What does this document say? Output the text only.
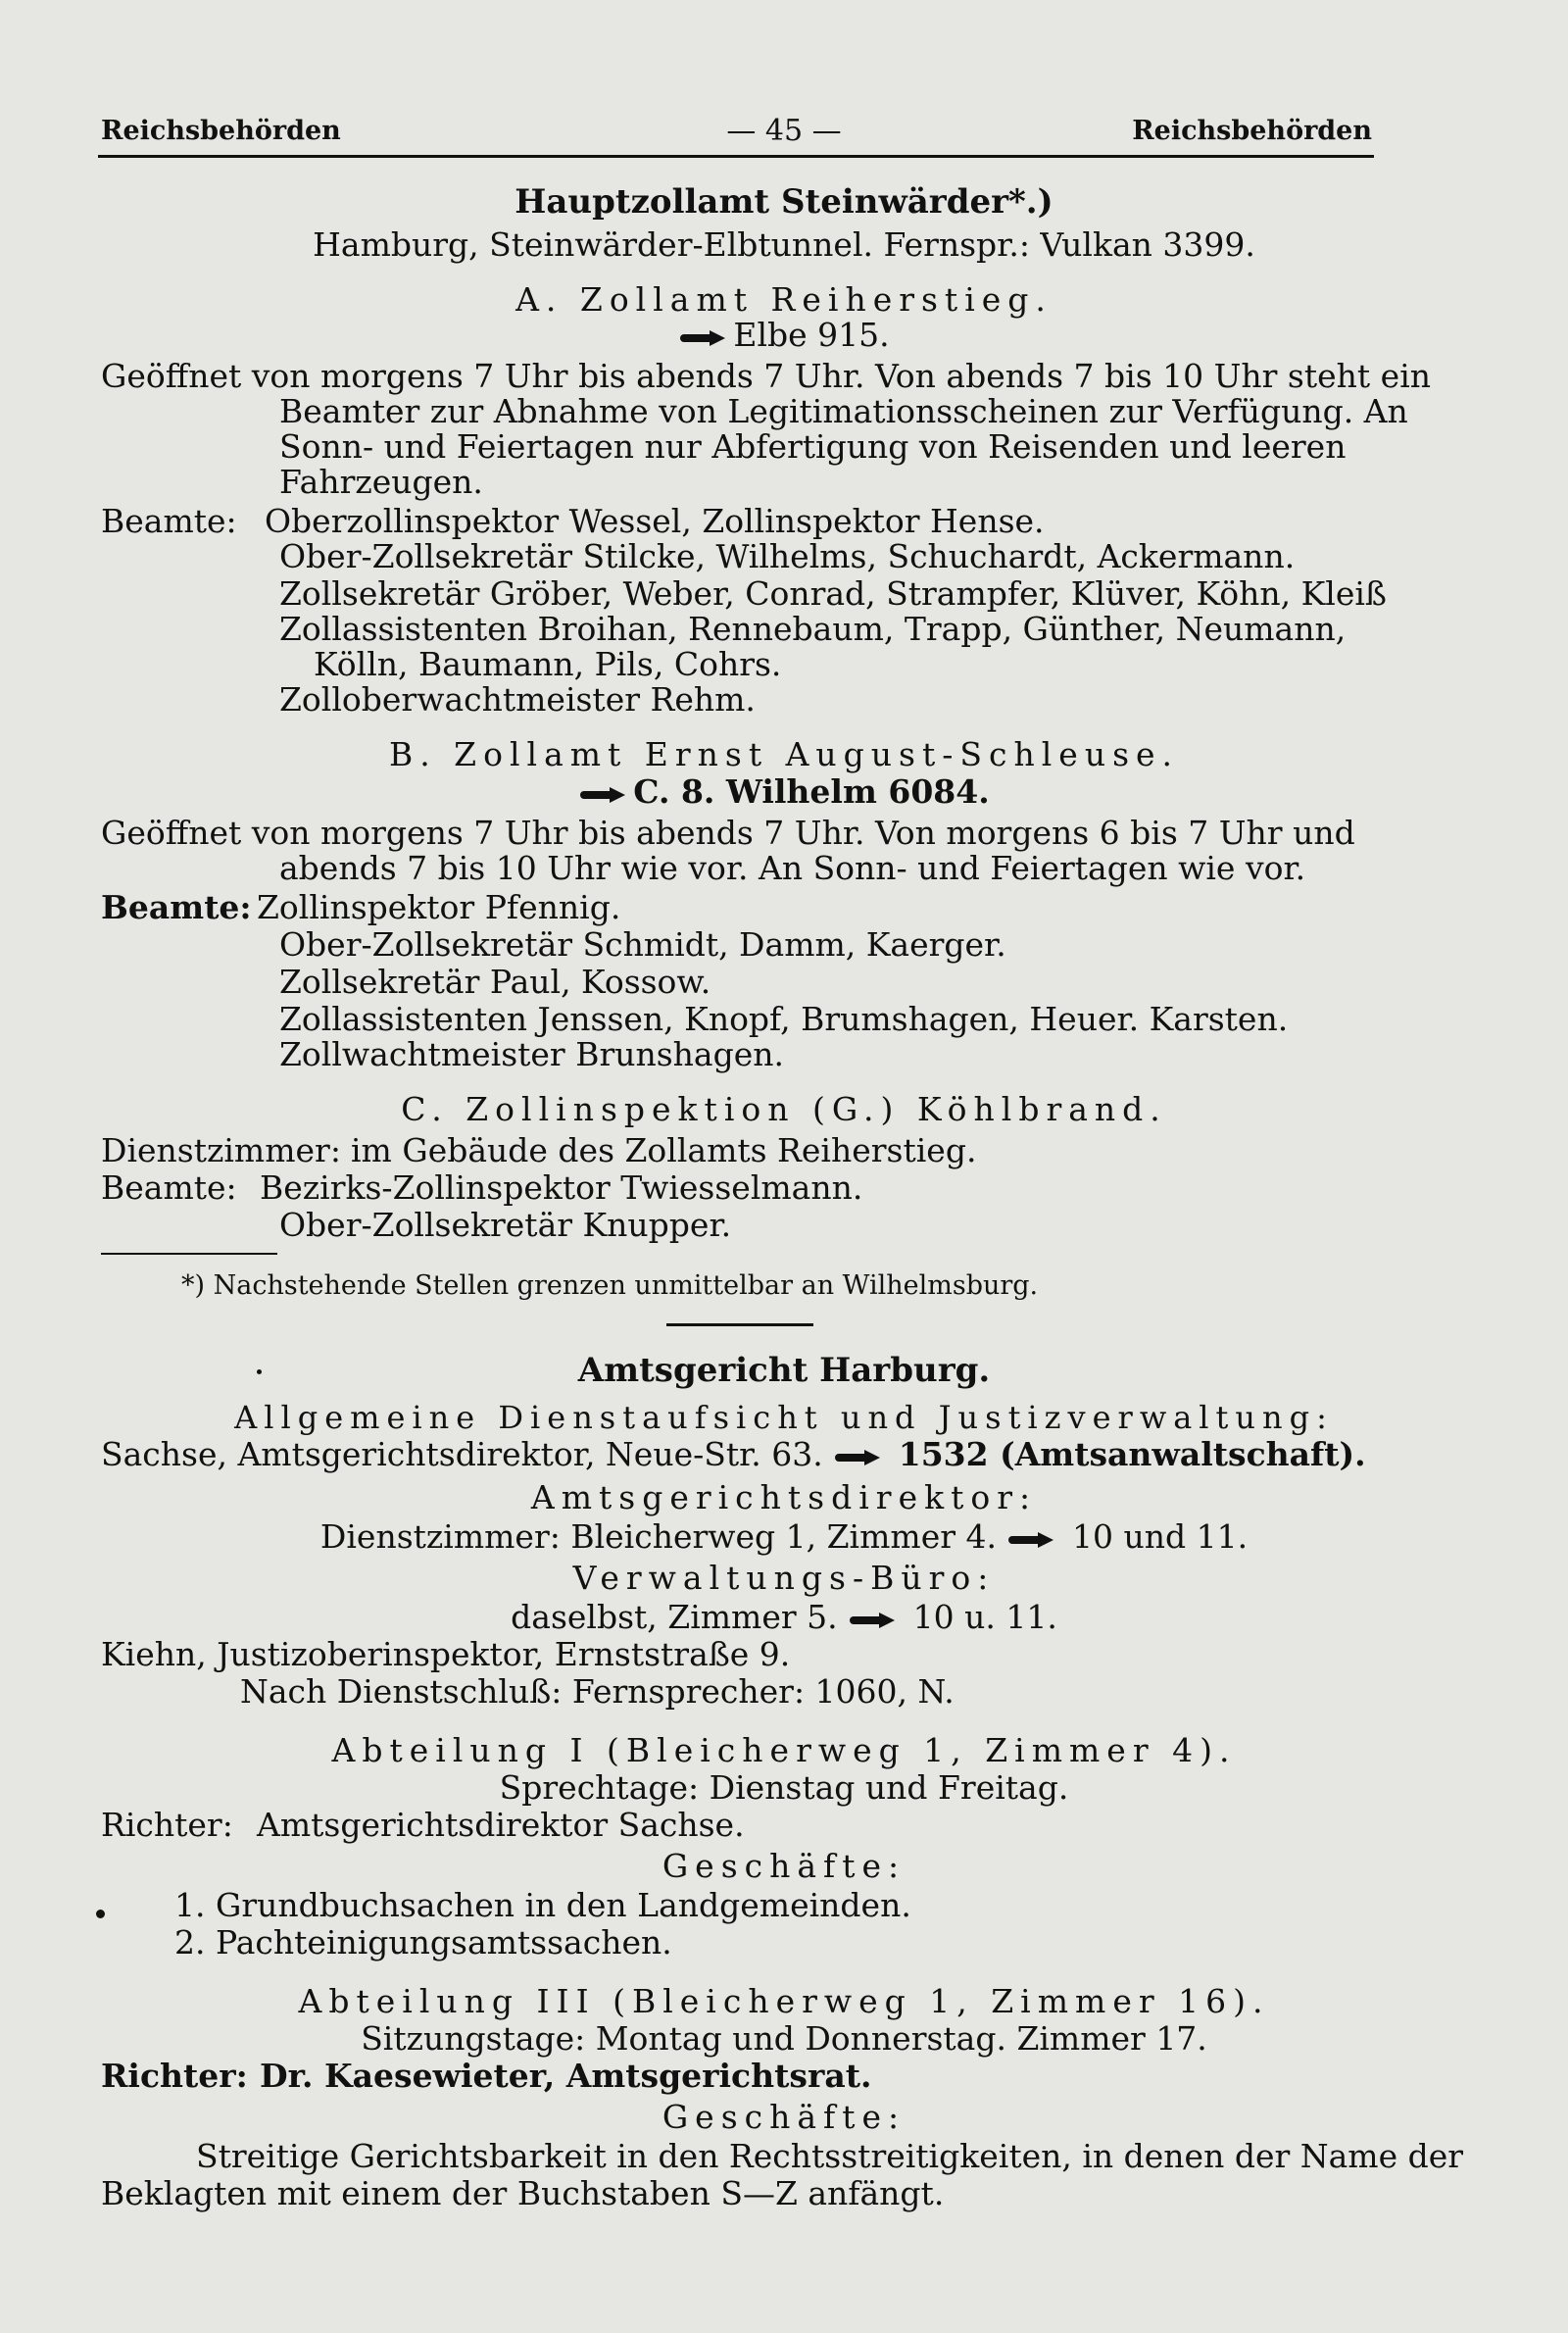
Reichsbehörden	— 45 —	Reichsbehörden
Hauptzollamt Steinwärder*.)
Hamburg, Steinwärder-Elbtunnel. Fernspr.: Vulkan 3399.
A. Zollamt Reiherstieg.
Elbe 915.
Geöffnet von morgens 7 Uhr bis abends 7 Uhr. Von abends 7 bis 10 Uhr steht ein
Beamter zur Abnahme von Legitimationsscheinen zur Verfügung. An
Sonn- und Feiertagen nur Abfertigung von Reisenden und leeren
Fahrzeugen.
Beamte: Oberzollinspektor Wessel, Zollinspektor Hense.
Ober-Zollsekretär Stilcke, Wilhelms, Schuchardt, Ackermann.
Zollsekretär Gröber, Weber, Conrad, Strampfer, Klüver, Köhn, Kleiß
Zollassistenten Broihan, Rennebaum, Trapp, Günther, Neumann,
Kölln, Baumann, Pils, Cohrs.
Zolloberwachtmeister Rehm.
B. Zollamt Ernst August-Schleuse.
C. 8. Wilhelm 6084.
Geöffnet von morgens 7 Uhr bis abends 7 Uhr. Von morgens 6 bis 7 Uhr und
abends 7 bis 10 Uhr wie vor. An Sonn- und Feiertagen wie vor.
Beamte: Zollinspektor Pfennig.
Ober-Zollsekretär Schmidt, Damm, Kaerger.
Zollsekretär Paul, Kossow.
Zollassistenten Jenssen, Knopf, Brumshagen, Heuer. Karsten.
Zollwachtmeister Brunshagen.
C. Zollinspektion (G.) Köhlbrand.
Dienstzimmer: im Gebäude des Zollamts Reiherstieg.
Beamte: Bezirks-Zollinspektor Twiesselmann.
Ober-Zollsekretär Knupper.
*) Nachstehende Stellen grenzen unmittelbar an Wilhelmsburg.
Amtsgericht Harburg.
Allgemeine Dienstaufsicht und Justizverwaltung:
Sachse, Amtsgerichtsdirektor, Neue-Str. 63. 1532 (Amtsanwaltschaft).
Amtsgerichtsdirektor:
Dienstzimmer: Bleicherweg 1, Zimmer 4. 10 und 11.
Verwaltungs-Büro:
daselbst, Zimmer 5. 10 u. 11.
Kiehn, Justizoberinspektor, Ernststraße 9.
Nach Dienstschluß: Fernsprecher: 1060, N.
Abteilung I (Bleicherweg 1, Zimmer 4).
Sprechtage: Dienstag und Freitag.
Richter: Amtsgerichtsdirektor Sachse.
Geschäfte:
1. Grundbuchsachen in den Landgemeinden.
2. Pachteinigungsamtssachen.
Abteilung III (Bleicherweg 1, Zimmer 16).
Sitzungstage: Montag und Donnerstag. Zimmer 17.
Richter: Dr. Kaesewieter, Amtsgerichtsrat.
Geschäfte:
Streitige Gerichtsbarkeit in den Rechtsstreitigkeiten, in denen der Name der
Beklagten mit einem der Buchstaben S—Z anfängt.
